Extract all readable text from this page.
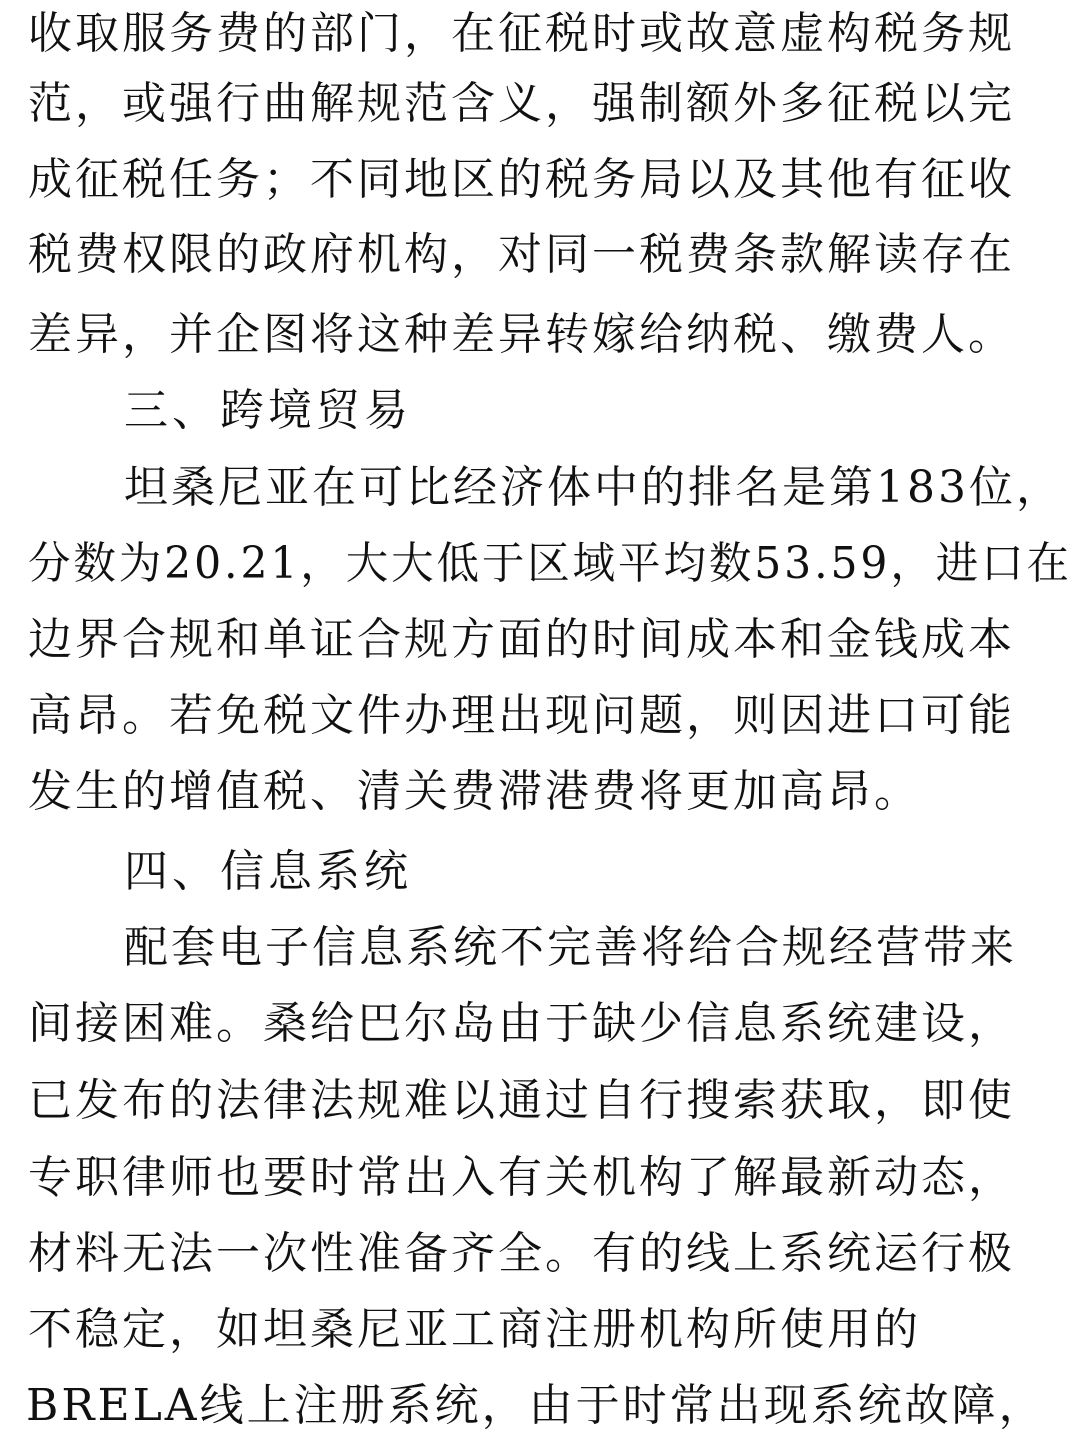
收取服务费的部门，在征税时或故意虚构税务规
范，或强行曲解规范含义，强制额外多征税以完
成征税任务；不同地区的税务局以及其他有征收
税费权限的政府机构，对同一税费条款解读存在
差异，并企图将这种差异转嫁给纳税、缴费人。
三、跨境贸易
坦桑尼亚在可比经济体中的排名是第183位，
分数为20.21，大大低于区域平均数53.59，进口在
边界合规和单证合规方面的时间成本和金钱成本
高昂。若免税文件办理出现问题，则因进口可能
发生的增值税、清关费滞港费将更加高昂。
四、信息系统
配套电子信息系统不完善将给合规经营带来
间接困难。桑给巴尔岛由于缺少信息系统建设，
已发布的法律法规难以通过自行搜索获取，即使
专职律师也要时常出入有关机构了解最新动态，
材料无法一次性准备齐全。有的线上系统运行极
不稳定，如坦桑尼亚工商注册机构所使用的
BRELA线上注册系统，由于时常出现系统故障，
